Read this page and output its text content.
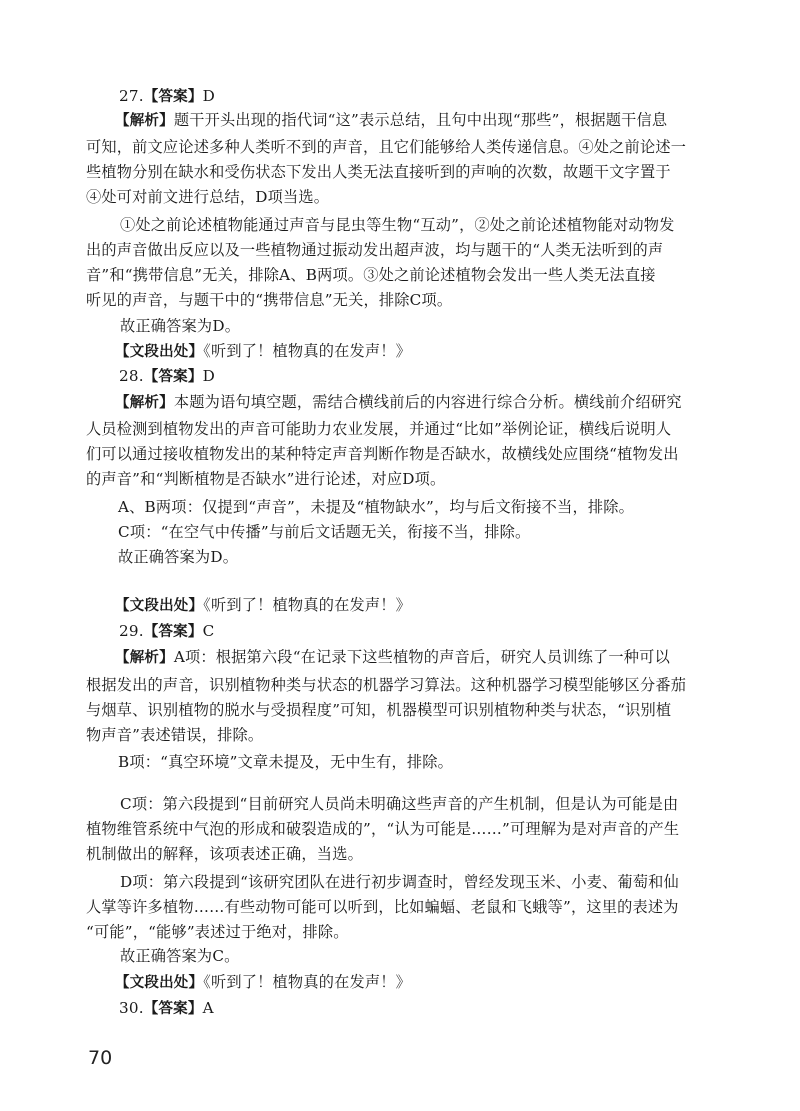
27.【答案】D
【解析】题干开头出现的指代词“这”表示总结，且句中出现“那些”，根据题干信息
可知，前文应论述多种人类听不到的声音，且它们能够给人类传递信息。④处之前论述一
些植物分别在缺水和受伤状态下发出人类无法直接听到的声响的次数，故题干文字置于
④处可对前文进行总结，D项当选。
①处之前论述植物能通过声音与昆虫等生物“互动”，②处之前论述植物能对动物发
出的声音做出反应以及一些植物通过振动发出超声波，均与题干的“人类无法听到的声
音”和“携带信息”无关，排除A、B两项。③处之前论述植物会发出一些人类无法直接
听见的声音，与题干中的“携带信息”无关，排除C项。
故正确答案为D。
【文段出处】《听到了！植物真的在发声！》
28.【答案】D
【解析】本题为语句填空题，需结合横线前后的内容进行综合分析。横线前介绍研究
人员检测到植物发出的声音可能助力农业发展，并通过“比如”举例论证，横线后说明人
们可以通过接收植物发出的某种特定声音判断作物是否缺水，故横线处应围绕“植物发出
的声音”和“判断植物是否缺水”进行论述，对应D项。
A、B两项：仅提到“声音”，未提及“植物缺水”，均与后文衔接不当，排除。
C项：“在空气中传播”与前后文话题无关，衔接不当，排除。
故正确答案为D。
【文段出处】《听到了！植物真的在发声！》
29.【答案】C
【解析】A项：根据第六段“在记录下这些植物的声音后，研究人员训练了一种可以
根据发出的声音，识别植物种类与状态的机器学习算法。这种机器学习模型能够区分番茄
与烟草、识别植物的脱水与受损程度”可知，机器模型可识别植物种类与状态，“识别植
物声音”表述错误，排除。
B项：“真空环境”文章未提及，无中生有，排除。
C项：第六段提到“目前研究人员尚未明确这些声音的产生机制，但是认为可能是由
植物维管系统中气泡的形成和破裂造成的”，“认为可能是……”可理解为是对声音的产生
机制做出的解释，该项表述正确，当选。
D项：第六段提到“该研究团队在进行初步调查时，曾经发现玉米、小麦、葡萄和仙
人掌等许多植物……有些动物可能可以听到，比如蝙蝠、老鼠和飞蛾等”，这里的表述为
“可能”，“能够”表述过于绝对，排除。
故正确答案为C。
【文段出处】《听到了！植物真的在发声！》
30.【答案】A
70
